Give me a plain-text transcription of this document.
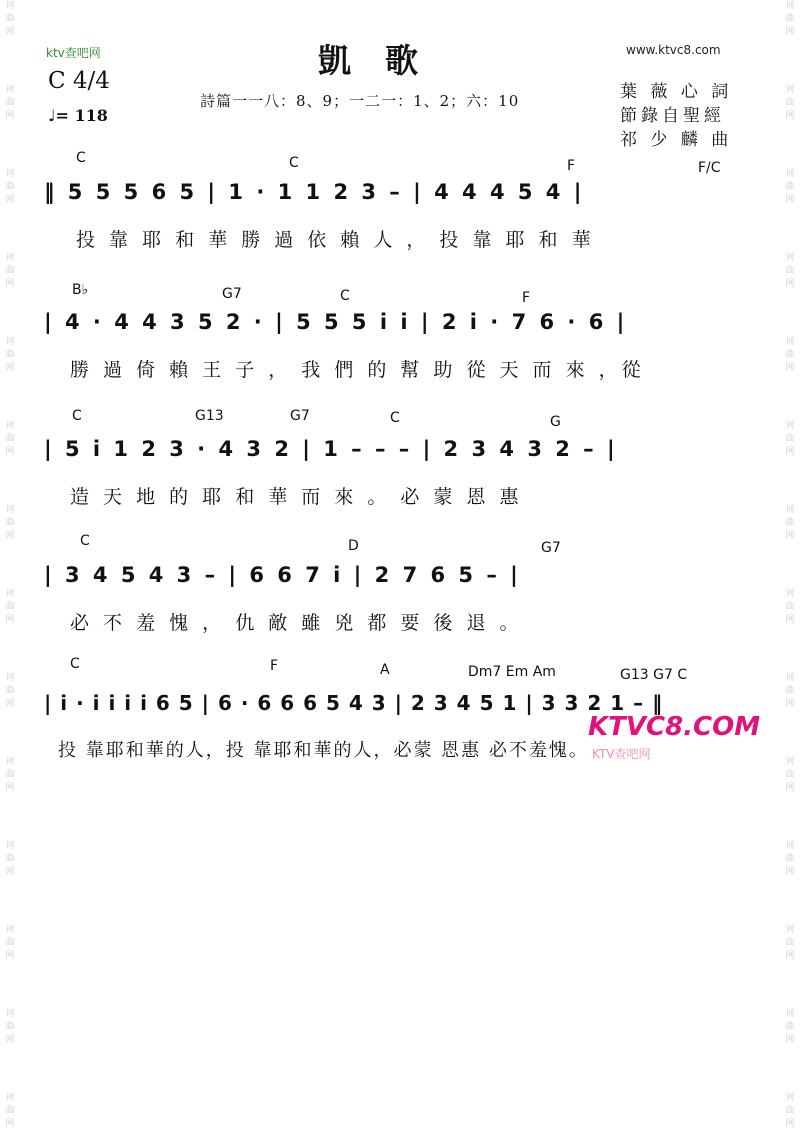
诃
曲
网
诃
曲
网
诃
曲
网
诃
曲
网
诃
曲
网
诃
曲
网
诃
曲
网
诃
曲
网
诃
曲
网
诃
曲
网
诃
曲
网
诃
曲
网
诃
曲
网
诃
曲
网
诃
曲
网
诃
曲
网
诃
曲
网
诃
曲
网
诃
曲
网
诃
曲
网
诃
曲
网
诃
曲
网
诃
曲
网
诃
曲
网
诃
曲
网
诃
曲
网
诃
曲
网
诃
曲
网
ktv查吧网	www.ktvc8.com
凱歌
C 4/4
♩= 118
詩篇一一八：8、9；一二一：1、2；六：10	葉 薇 心 詞
節錄自聖經
祁 少 麟 曲
C	C	F	F/C
‖ 5 5 5 6 5 | 1 · 1 1 2 3 – | 4 4 4 5 4 |
投 靠 耶 和 華 勝 過 依 賴 人 ， 投 靠 耶 和 華
B♭	G7	C	F
| 4 · 4 4 3 5 2 · | 5 5 5 i i | 2 i · 7 6 · 6 |
勝 過 倚 賴 王 子 ， 我 們 的 幫 助 從 天 而 來 ，從
C	G13	G7	C	G
| 5 i 1 2 3 · 4 3 2 | 1 – – – | 2 3 4 3 2 – |
造 天 地 的 耶 和 華 而 來 。 必 蒙 恩 惠
C	D	G7
| 3 4 5 4 3 – | 6 6 7 i | 2 7 6 5 – |
必 不 羞 愧 ， 仇 敵 雖 兇 都 要 後 退 。
C	F	A	Dm7 Em Am	G13 G7 C
| i · i i i i 6 5 | 6 · 6 6 6 5 4 3 | 2 3 4 5 1 | 3 3 2 1 – ‖
投 靠耶和華的人，投 靠耶和華的人，必蒙 恩惠 必不羞愧。
KTVC8.COM
KTV查吧网
